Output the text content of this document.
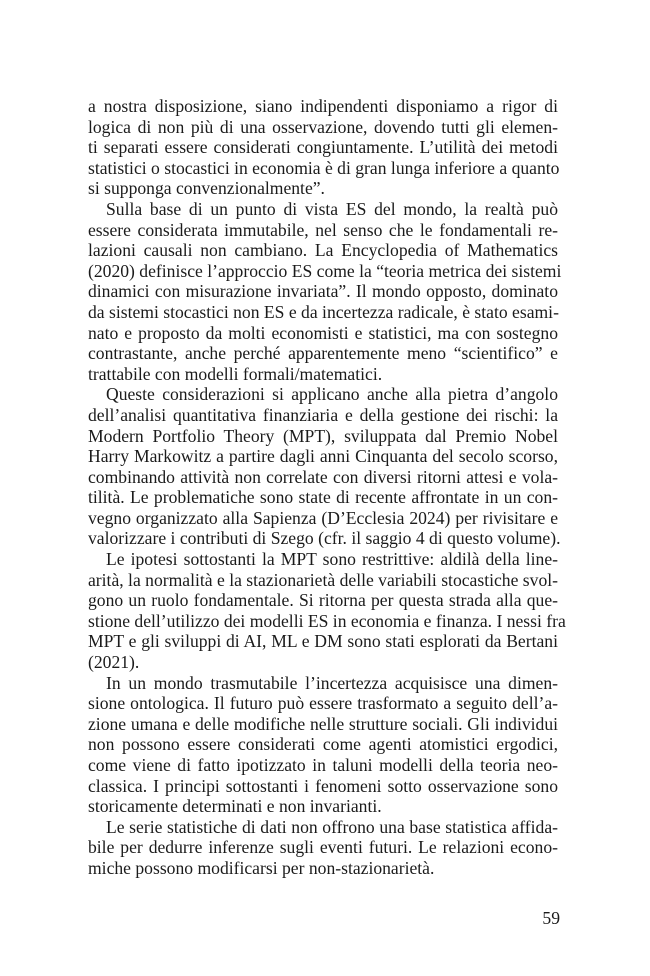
a nostra disposizione, siano indipendenti disponiamo a rigor di
logica di non più di una osservazione, dovendo tutti gli elemen-
ti separati essere considerati congiuntamente. L’utilità dei metodi
statistici o stocastici in economia è di gran lunga inferiore a quanto
si supponga convenzionalmente”.
Sulla base di un punto di vista ES del mondo, la realtà può
essere considerata immutabile, nel senso che le fondamentali re-
lazioni causali non cambiano. La Encyclopedia of Mathematics
(2020) definisce l’approccio ES come la “teoria metrica dei sistemi
dinamici con misurazione invariata”. Il mondo opposto, dominato
da sistemi stocastici non ES e da incertezza radicale, è stato esami-
nato e proposto da molti economisti e statistici, ma con sostegno
contrastante, anche perché apparentemente meno “scientifico” e
trattabile con modelli formali/matematici.
Queste considerazioni si applicano anche alla pietra d’angolo
dell’analisi quantitativa finanziaria e della gestione dei rischi: la
Modern Portfolio Theory (MPT), sviluppata dal Premio Nobel
Harry Markowitz a partire dagli anni Cinquanta del secolo scorso,
combinando attività non correlate con diversi ritorni attesi e vola-
tilità. Le problematiche sono state di recente affrontate in un con-
vegno organizzato alla Sapienza (D’Ecclesia 2024) per rivisitare e
valorizzare i contributi di Szego (cfr. il saggio 4 di questo volume).
Le ipotesi sottostanti la MPT sono restrittive: aldilà della line-
arità, la normalità e la stazionarietà delle variabili stocastiche svol-
gono un ruolo fondamentale. Si ritorna per questa strada alla que-
stione dell’utilizzo dei modelli ES in economia e finanza. I nessi fra
MPT e gli sviluppi di AI, ML e DM sono stati esplorati da Bertani
(2021).
In un mondo trasmutabile l’incertezza acquisisce una dimen-
sione ontologica. Il futuro può essere trasformato a seguito dell’a-
zione umana e delle modifiche nelle strutture sociali. Gli individui
non possono essere considerati come agenti atomistici ergodici,
come viene di fatto ipotizzato in taluni modelli della teoria neo-
classica. I principi sottostanti i fenomeni sotto osservazione sono
storicamente determinati e non invarianti.
Le serie statistiche di dati non offrono una base statistica affida-
bile per dedurre inferenze sugli eventi futuri. Le relazioni econo-
miche possono modificarsi per non-stazionarietà.
59
